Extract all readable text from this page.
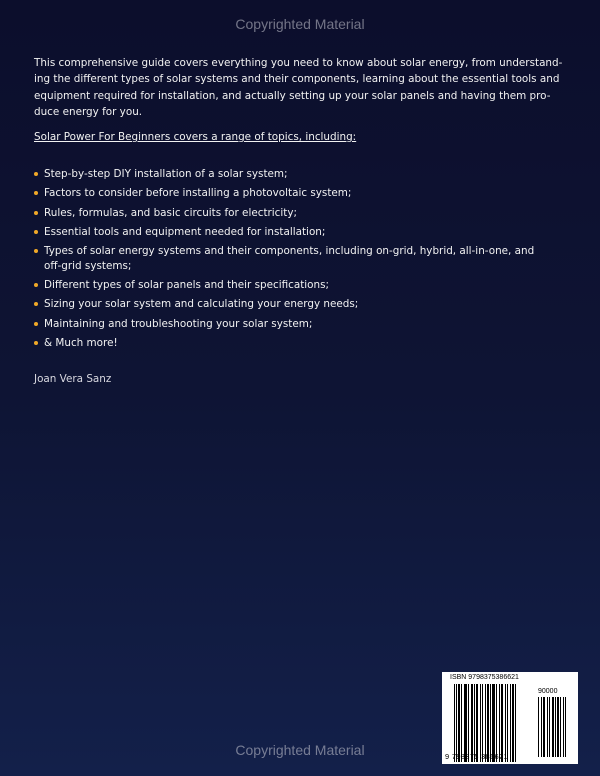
Copyrighted Material
This comprehensive guide covers everything you need to know about solar energy, from understand-
ing the different types of solar systems and their components, learning about the essential tools and
equipment required for installation, and actually setting up your solar panels and having them pro-
duce energy for you.
Solar Power For Beginners covers a range of topics, including:
Step-by-step DIY installation of a solar system;
Factors to consider before installing a photovoltaic system;
Rules, formulas, and basic circuits for electricity;
Essential tools and equipment needed for installation;
Types of solar energy systems and their components, including on-grid, hybrid, all-in-one, and
off-grid systems;
Different types of solar panels and their specifications;
Sizing your solar system and calculating your energy needs;
Maintaining and troubleshooting your solar system;
& Much more!
Joan Vera Sanz
ISBN 9798375386621
90000
9 798375 386621
Copyrighted Material
